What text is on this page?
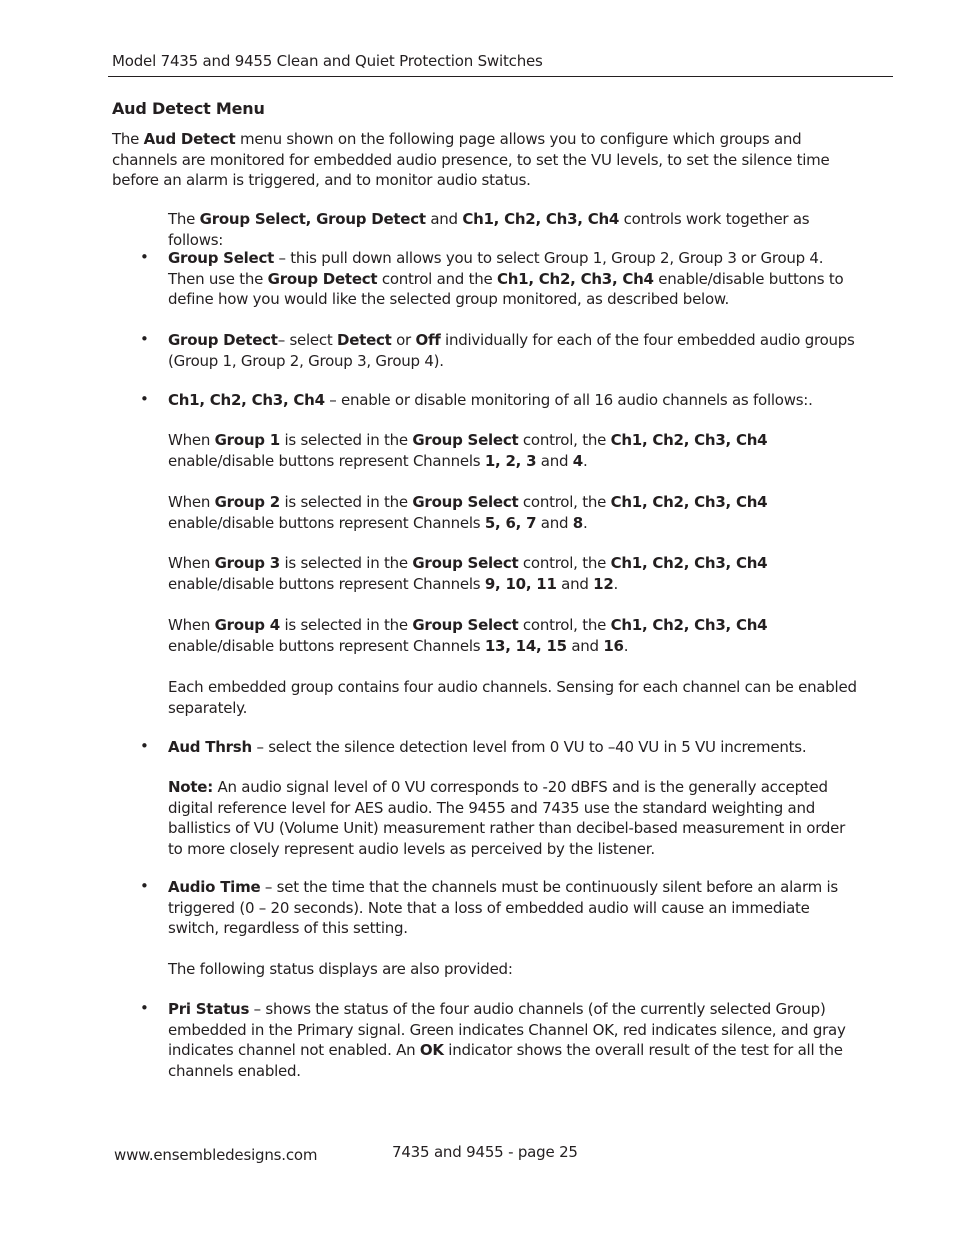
Model 7435 and 9455 Clean and Quiet Protection Switches
Aud Detect Menu
The Aud Detect menu shown on the following page allows you to configure which groups and channels are monitored for embedded audio presence, to set the VU levels, to set the silence time before an alarm is triggered, and to monitor audio status.
The Group Select, Group Detect and Ch1, Ch2, Ch3, Ch4 controls work together as follows:
• Group Select – this pull down allows you to select Group 1, Group 2, Group 3 or Group 4. Then use the Group Detect control and the Ch1, Ch2, Ch3, Ch4 enable/disable buttons to define how you would like the selected group monitored, as described below.
• Group Detect– select Detect or Off individually for each of the four embedded audio groups (Group 1, Group 2, Group 3, Group 4).
• Ch1, Ch2, Ch3, Ch4 – enable or disable monitoring of all 16 audio channels as follows:.
When Group 1 is selected in the Group Select control, the Ch1, Ch2, Ch3, Ch4 enable/disable buttons represent Channels 1, 2, 3 and 4.
When Group 2 is selected in the Group Select control, the Ch1, Ch2, Ch3, Ch4 enable/disable buttons represent Channels 5, 6, 7 and 8.
When Group 3 is selected in the Group Select control, the Ch1, Ch2, Ch3, Ch4 enable/disable buttons represent Channels 9, 10, 11 and 12.
When Group 4 is selected in the Group Select control, the Ch1, Ch2, Ch3, Ch4 enable/disable buttons represent Channels 13, 14, 15 and 16.
Each embedded group contains four audio channels. Sensing for each channel can be enabled separately.
• Aud Thrsh – select the silence detection level from 0 VU to –40 VU in 5 VU increments.
Note: An audio signal level of 0 VU corresponds to -20 dBFS and is the generally accepted digital reference level for AES audio. The 9455 and 7435 use the standard weighting and ballistics of VU (Volume Unit) measurement rather than decibel-based measurement in order to more closely represent audio levels as perceived by the listener.
• Audio Time – set the time that the channels must be continuously silent before an alarm is triggered (0 – 20 seconds). Note that a loss of embedded audio will cause an immediate switch, regardless of this setting.
The following status displays are also provided:
• Pri Status – shows the status of the four audio channels (of the currently selected Group) embedded in the Primary signal. Green indicates Channel OK, red indicates silence, and gray indicates channel not enabled. An OK indicator shows the overall result of the test for all the channels enabled.
www.ensembledesigns.com	7435 and 9455 - page 25
